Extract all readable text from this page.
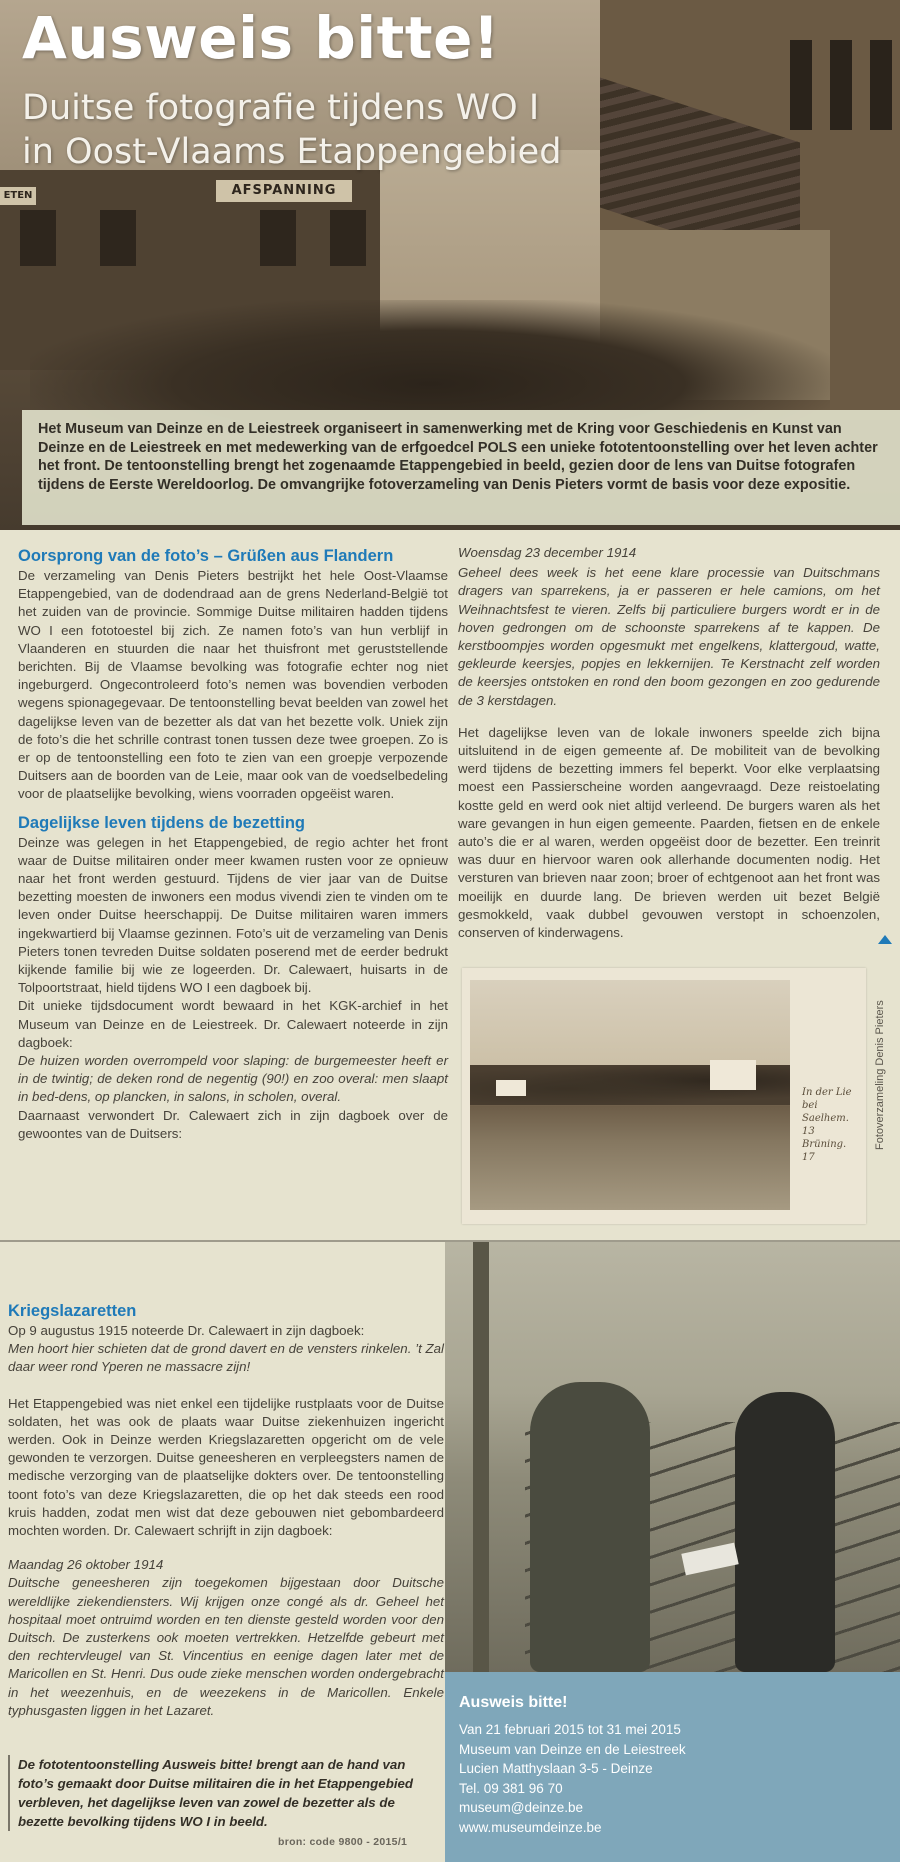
AFSPANNING
ETEN
Ausweis bitte!
Duitse fotografie tijdens WO I
in Oost-Vlaams Etappengebied
Het Museum van Deinze en de Leiestreek organiseert in samenwerking met de Kring voor Geschiedenis en Kunst van Deinze en de Leiestreek en met medewerking van de erfgoedcel POLS een unieke fototentoonstelling over het leven achter het front. De tentoonstelling brengt het zogenaamde Etappengebied in beeld, gezien door de lens van Duitse fotografen tijdens de Eerste Wereldoorlog. De omvangrijke fotoverzameling van Denis Pieters vormt de basis voor deze expositie.
Oorsprong van de foto’s – Grüßen aus Flandern

De verzameling van Denis Pieters bestrijkt het hele Oost-Vlaamse Etappengebied, van de dodendraad aan de grens Nederland-België tot het zuiden van de provincie. Sommige Duitse militairen hadden tijdens WO I een fototoestel bij zich. Ze namen foto’s van hun verblijf in Vlaanderen en stuurden die naar het thuisfront met geruststellende berichten. Bij de Vlaamse bevolking was fotografie echter nog niet ingeburgerd. Ongecontroleerd foto’s nemen was bovendien verboden wegens spionagegevaar. De tentoonstelling bevat beelden van zowel het dagelijkse leven van de bezetter als dat van het bezette volk. Uniek zijn de foto’s die het schrille contrast tonen tussen deze twee groepen. Zo is er op de tentoonstelling een foto te zien van een groepje verpozende Duitsers aan de boorden van de Leie, maar ook van de voedselbedeling voor de plaatselijke bevolking, wiens voorraden opgeëist waren.

Dagelijkse leven tijdens de bezetting

Deinze was gelegen in het Etappengebied, de regio achter het front waar de Duitse militairen onder meer kwamen rusten voor ze opnieuw naar het front werden gestuurd. Tijdens de vier jaar van de Duitse bezetting moesten de inwoners een modus vivendi zien te vinden om te leven onder Duitse heerschappij. De Duitse militairen waren immers ingekwartierd bij Vlaamse gezinnen. Foto’s uit de verzameling van Denis Pieters tonen tevreden Duitse soldaten poserend met de eerder bedrukt kijkende familie bij wie ze logeerden. Dr. Calewaert, huisarts in de Tolpoortstraat, hield tijdens WO I een dagboek bij.

Dit unieke tijdsdocument wordt bewaard in het KGK-archief in het Museum van Deinze en de Leiestreek. Dr. Calewaert noteerde in zijn dagboek:

De huizen worden overrompeld voor slaping: de burgemeester heeft er in de twintig; de deken rond de negentig (90!) en zoo overal: men slaapt in bed-dens, op plancken, in salons, in scholen, overal.

Daarnaast verwondert Dr. Calewaert zich in zijn dagboek over de gewoontes van de Duitsers:

Woensdag 23 december 1914

Geheel dees week is het eene klare processie van Duitschmans dragers van sparrekens, ja er passeren er hele camions, om het Weihnachtsfest te vieren. Zelfs bij particuliere burgers wordt er in de hoven gedrongen om de schoonste sparrekens af te kappen. De kerstboompjes worden opgesmukt met engelkens, klattergoud, watte, gekleurde keersjes, popjes en lekkernijen. Te Kerstnacht zelf worden de keersjes ontstoken en rond den boom gezongen en zoo gedurende de 3 kerstdagen.

Het dagelijkse leven van de lokale inwoners speelde zich bijna uitsluitend in de eigen gemeente af. De mobiliteit van de bevolking werd tijdens de bezetting immers fel beperkt. Voor elke verplaatsing moest een Passierscheine worden aangevraagd. Deze reistoelating kostte geld en werd ook niet altijd verleend. De burgers waren als het ware gevangen in hun eigen gemeente. Paarden, fietsen en de enkele auto’s die er al waren, werden opgeëist door de bezetter. Een treinrit was duur en hiervoor waren ook allerhande documenten nodig. Het versturen van brieven naar zoon; broer of echtgenoot aan het front was moeilijk en duurde lang. De brieven werden uit bezet België gesmokkeld, vaak dubbel gevouwen verstopt in schoenzolen, conserven of kinderwagens.

In der Lie bei Saelhem. 13 Brüning. 17
Fotoverzameling Denis Pieters
Kriegslazaretten

Op 9 augustus 1915 noteerde Dr. Calewaert in zijn dagboek:

Men hoort hier schieten dat de grond davert en de vensters rinkelen. ’t Zal daar weer rond Yperen ne massacre zijn!

Het Etappengebied was niet enkel een tijdelijke rustplaats voor de Duitse soldaten, het was ook de plaats waar Duitse ziekenhuizen ingericht werden. Ook in Deinze werden Kriegslazaretten opgericht om de vele gewonden te verzorgen. Duitse geneesheren en verpleegsters namen de medische verzorging van de plaatselijke dokters over. De tentoonstelling toont foto’s van deze Kriegslazaretten, die op het dak steeds een rood kruis hadden, zodat men wist dat deze gebouwen niet gebombardeerd mochten worden. Dr. Calewaert schrijft in zijn dagboek:

Maandag 26 oktober 1914

Duitsche geneesheren zijn toegekomen bijgestaan door Duitsche wereldlijke ziekendiensters. Wij krijgen onze congé als dr. Geheel het hospitaal moet ontruimd worden en ten dienste gesteld worden voor den Duitsch. De zusterkens ook moeten vertrekken. Hetzelfde gebeurt met den rechtervleugel van St. Vincentius en eenige dagen later met de Maricollen en St. Henri. Dus oude zieke menschen worden ondergebracht in het weezenhuis, en de weezekens in de Maricollen. Enkele typhusgasten liggen in het Lazaret.

De fototentoonstelling Ausweis bitte! brengt aan de hand van foto’s gemaakt door Duitse militairen die in het Etappengebied verbleven, het dagelijkse leven van zowel de bezetter als de bezette bevolking tijdens WO I in beeld.
bron: code 9800 - 2015/1
Ausweis bitte!
Van 21 februari 2015 tot 31 mei 2015
Museum van Deinze en de Leiestreek
Lucien Matthyslaan 3-5 - Deinze
Tel. 09 381 96 70
museum@deinze.be
www.museumdeinze.be
